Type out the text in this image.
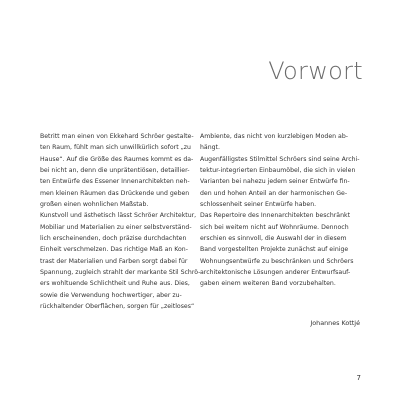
Vorwort
Betritt man einen von Ekkehard Schröer gestalte-
ten Raum, fühlt man sich unwillkürlich sofort „zu
Hause“. Auf die Größe des Raumes kommt es da-
bei nicht an, denn die unprätentiösen, detaillier-
ten Entwürfe des Essener Innenarchitekten neh-
men kleinen Räumen das Drückende und geben
großen einen wohnlichen Maßstab.
Kunstvoll und ästhetisch lässt Schröer Architektur,
Mobiliar und Materialien zu einer selbstverständ-
lich erscheinenden, doch präzise durchdachten
Einheit verschmelzen. Das richtige Maß an Kon-
trast der Materialien und Farben sorgt dabei für
Spannung, zugleich strahlt der markante Stil Schrö-
ers wohltuende Schlichtheit und Ruhe aus. Dies,
sowie die Verwendung hochwertiger, aber zu-
rückhaltender Oberflächen, sorgen für „zeitloses“
Ambiente, das nicht von kurzlebigen Moden ab-
hängt.
Augenfälligstes Stilmittel Schröers sind seine Archi-
tektur-integrierten Einbaumöbel, die sich in vielen
Varianten bei nahezu jedem seiner Entwürfe fin-
den und hohen Anteil an der harmonischen Ge-
schlossenheit seiner Entwürfe haben.
Das Repertoire des Innenarchitekten beschränkt
sich bei weitem nicht auf Wohnräume. Dennoch
erschien es sinnvoll, die Auswahl der in diesem
Band vorgestellten Projekte zunächst auf einige
Wohnungsentwürfe zu beschränken und Schröers
architektonische Lösungen anderer Entwurfsauf-
gaben einem weiteren Band vorzubehalten.

Johannes Kottjé

7
